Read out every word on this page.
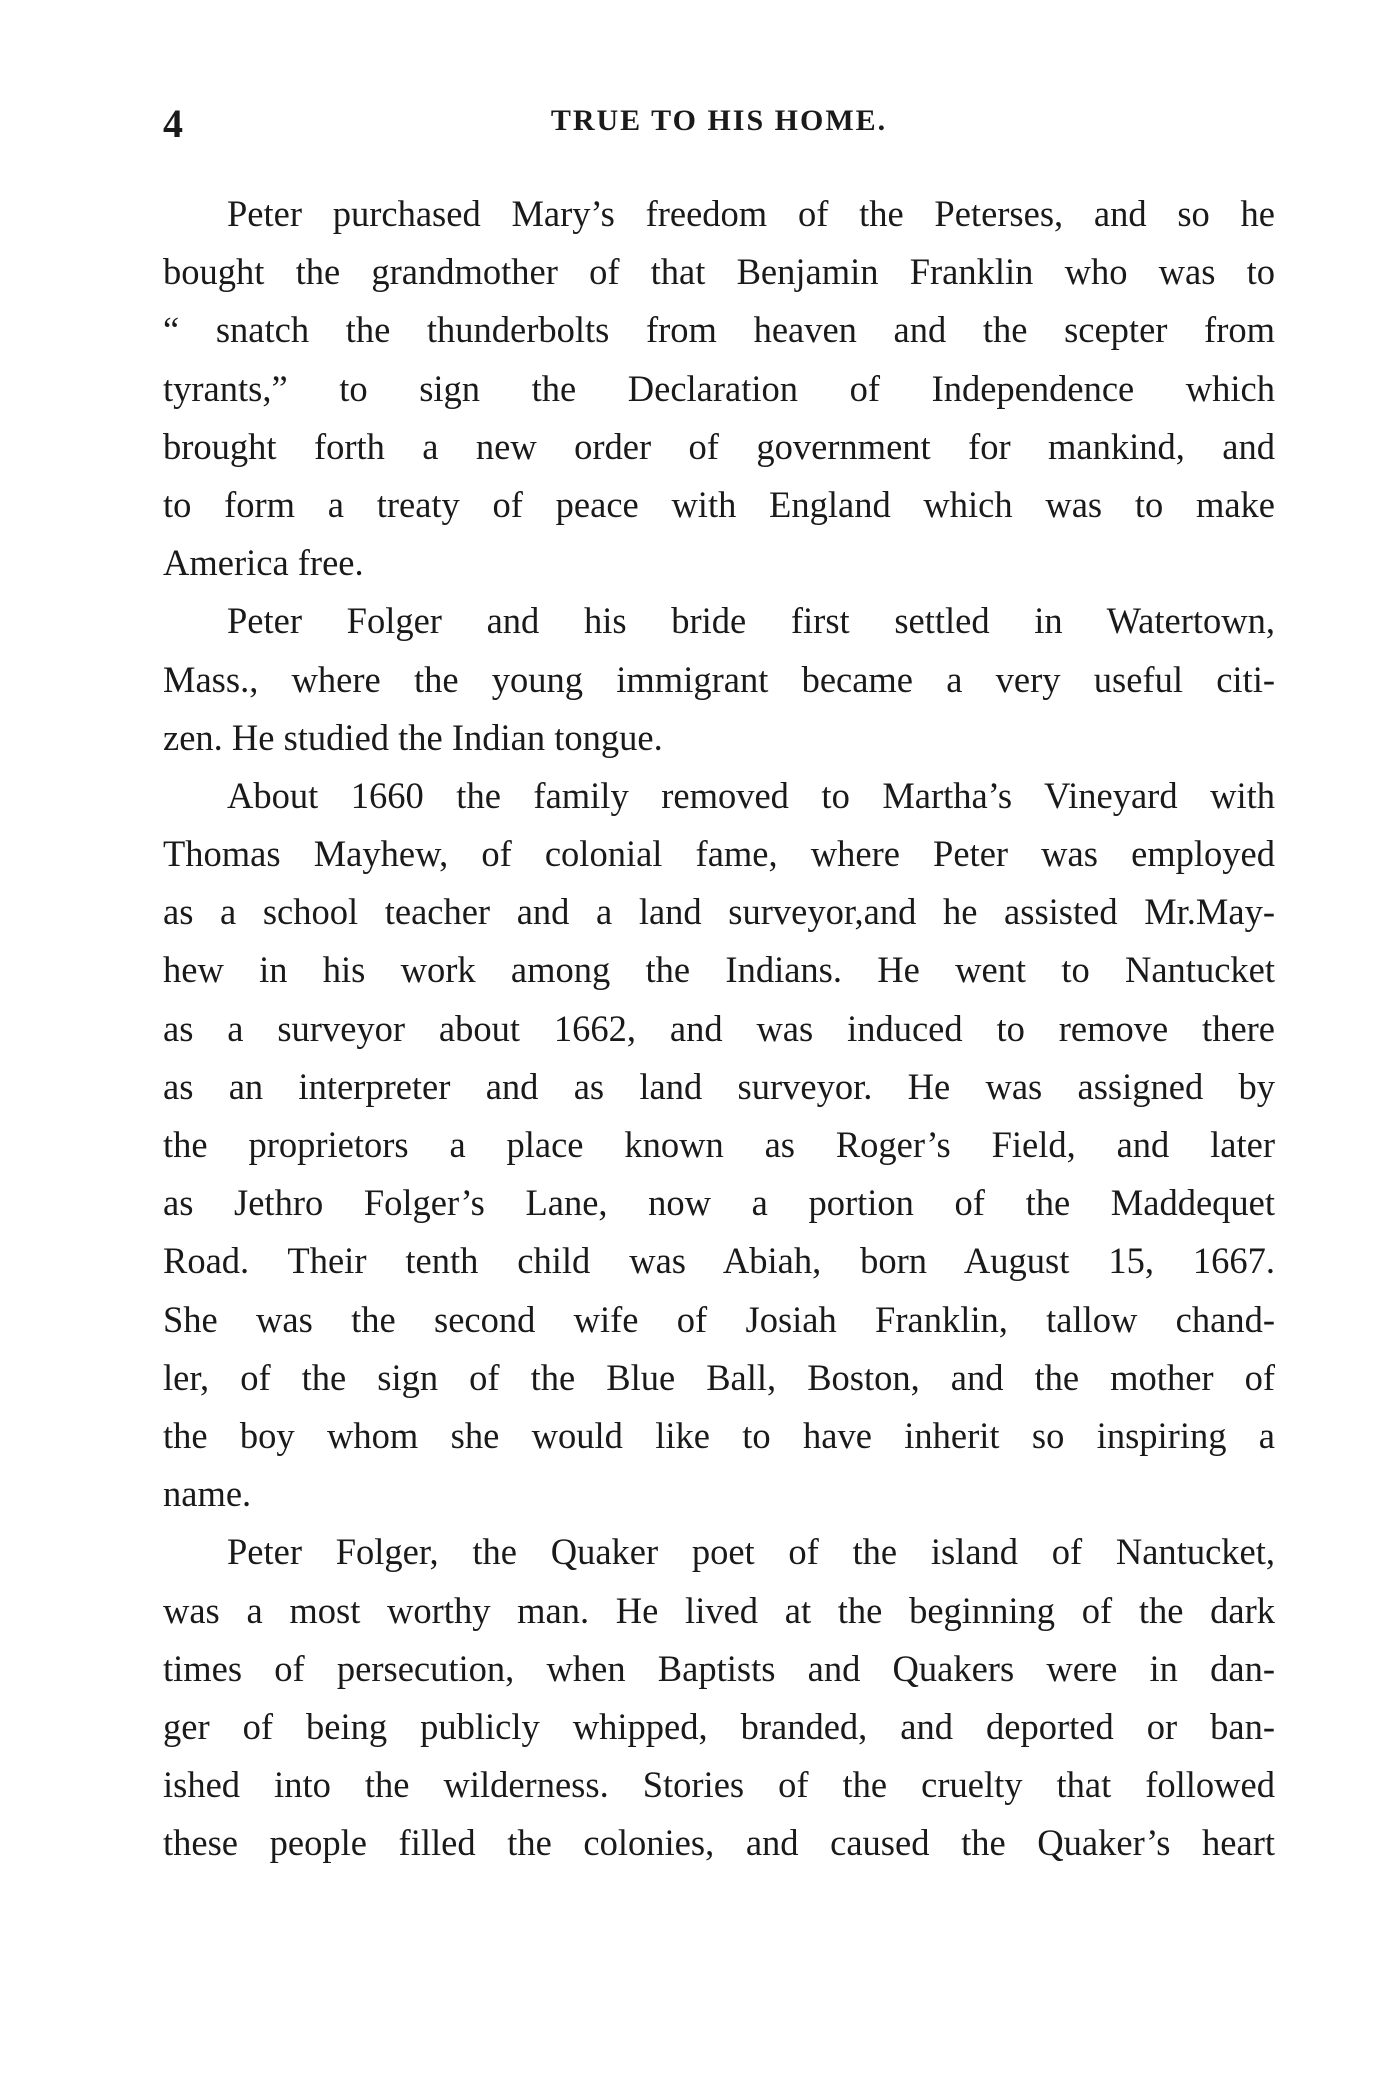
4	TRUE TO HIS HOME.
Peter purchased Mary’s freedom of the Peterses, and so he
bought the grandmother of that Benjamin Franklin who was to
“ snatch the thunderbolts from heaven and the scepter from
tyrants,” to sign the Declaration of Independence which
brought forth a new order of government for mankind, and
to form a treaty of peace with England which was to make
America free.
Peter Folger and his bride first settled in Watertown,
Mass., where the young immigrant became a very useful citi-
zen. He studied the Indian tongue.
About 1660 the family removed to Martha’s Vineyard with
Thomas Mayhew, of colonial fame, where Peter was employed
as a school teacher and a land surveyor,and he assisted Mr.May-
hew in his work among the Indians. He went to Nantucket
as a surveyor about 1662, and was induced to remove there
as an interpreter and as land surveyor. He was assigned by
the proprietors a place known as Roger’s Field, and later
as Jethro Folger’s Lane, now a portion of the Maddequet
Road. Their tenth child was Abiah, born August 15, 1667.
She was the second wife of Josiah Franklin, tallow chand-
ler, of the sign of the Blue Ball, Boston, and the mother of
the boy whom she would like to have inherit so inspiring a
name.
Peter Folger, the Quaker poet of the island of Nantucket,
was a most worthy man. He lived at the beginning of the dark
times of persecution, when Baptists and Quakers were in dan-
ger of being publicly whipped, branded, and deported or ban-
ished into the wilderness. Stories of the cruelty that followed
these people filled the colonies, and caused the Quaker’s heart
